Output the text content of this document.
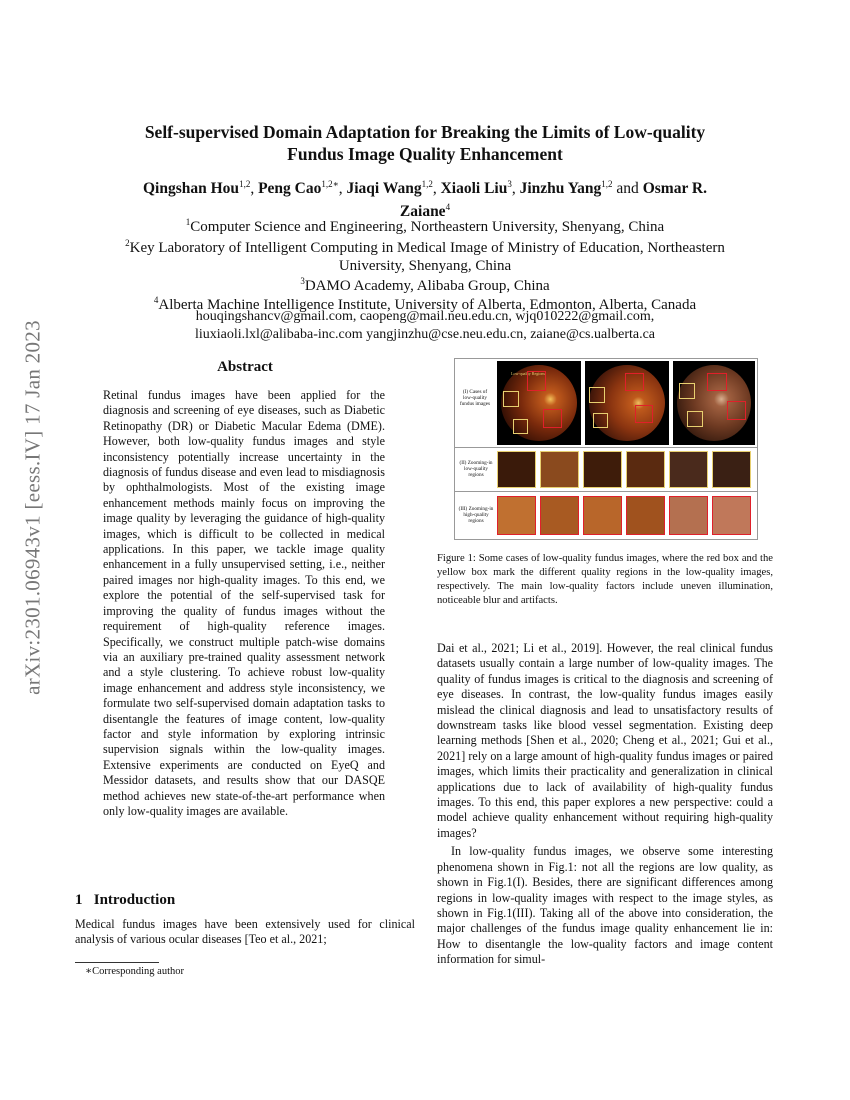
arXiv:2301.06943v1 [eess.IV] 17 Jan 2023
Self-supervised Domain Adaptation for Breaking the Limits of Low-quality
Fundus Image Quality Enhancement
Qingshan Hou$^{1,2}$, Peng Cao$^{1,2∗}$, Jiaqi Wang$^{1,2}$, Xiaoli Liu$^3$, Jinzhu Yang$^{1,2}$ and Osmar R.
Zaiane$^4$
$^1$Computer Science and Engineering, Northeastern University, Shenyang, China
$^2$Key Laboratory of Intelligent Computing in Medical Image of Ministry of Education, Northeastern
University, Shenyang, China
$^3$DAMO Academy, Alibaba Group, China
$^4$Alberta Machine Intelligence Institute, University of Alberta, Edmonton, Alberta, Canada
houqingshancv@gmail.com, caopeng@mail.neu.edu.cn, wjq010222@gmail.com,
liuxiaoli.lxl@alibaba-inc.com yangjinzhu@cse.neu.edu.cn, zaiane@cs.ualberta.ca
Abstract
Retinal fundus images have been applied for the diagnosis and screening of eye diseases, such as Diabetic Retinopathy (DR) or Diabetic Macular Edema (DME). However, both low-quality fundus images and style inconsistency potentially increase uncertainty in the diagnosis of fundus disease and even lead to misdiagnosis by ophthalmologists. Most of the existing image enhancement methods mainly focus on improving the image quality by leveraging the guidance of high-quality images, which is difficult to be collected in medical applications. In this paper, we tackle image quality enhancement in a fully unsupervised setting, i.e., neither paired images nor high-quality images. To this end, we explore the potential of the self-supervised task for improving the quality of fundus images without the requirement of high-quality reference images. Specifically, we construct multiple patch-wise domains via an auxiliary pre-trained quality assessment network and a style clustering. To achieve robust low-quality image enhancement and address style inconsistency, we formulate two self-supervised domain adaptation tasks to disentangle the features of image content, low-quality factor and style information by exploring intrinsic supervision signals within the low-quality images. Extensive experiments are conducted on EyeQ and Messidor datasets, and results show that our DASQE method achieves new state-of-the-art performance when only low-quality images are available.
1 Introduction
Medical fundus images have been extensively used for clinical analysis of various ocular diseases [Teo et al., 2021;
∗Corresponding author
(I) Cases of low-quality fundus images
Low-quality Regions
(II) Zooming-in low-quality regions
(III) Zooming-in high-quality regions
Figure 1: Some cases of low-quality fundus images, where the red box and the yellow box mark the different quality regions in the low-quality images, respectively. The main low-quality factors include uneven illumination, noticeable blur and artifacts.

Dai et al., 2021; Li et al., 2019]. However, the real clinical fundus datasets usually contain a large number of low-quality images. The quality of fundus images is critical to the diagnosis and screening of eye diseases. In contrast, the low-quality fundus images easily mislead the clinical diagnosis and lead to unsatisfactory results of downstream tasks like blood vessel segmentation. Existing deep learning methods [Shen et al., 2020; Cheng et al., 2021; Gui et al., 2021] rely on a large amount of high-quality fundus images or paired images, which limits their practicality and generalization in clinical applications due to lack of availability of high-quality fundus images. To this end, this paper explores a new perspective: could a model achieve quality enhancement without requiring high-quality images?

In low-quality fundus images, we observe some interesting phenomena shown in Fig.1: not all the regions are low quality, as shown in Fig.1(I). Besides, there are significant differences among regions in low-quality images with respect to the image styles, as shown in Fig.1(III). Taking all of the above into consideration, the major challenges of the fundus image quality enhancement lie in: How to disentangle the low-quality factors and image content information for simul-
